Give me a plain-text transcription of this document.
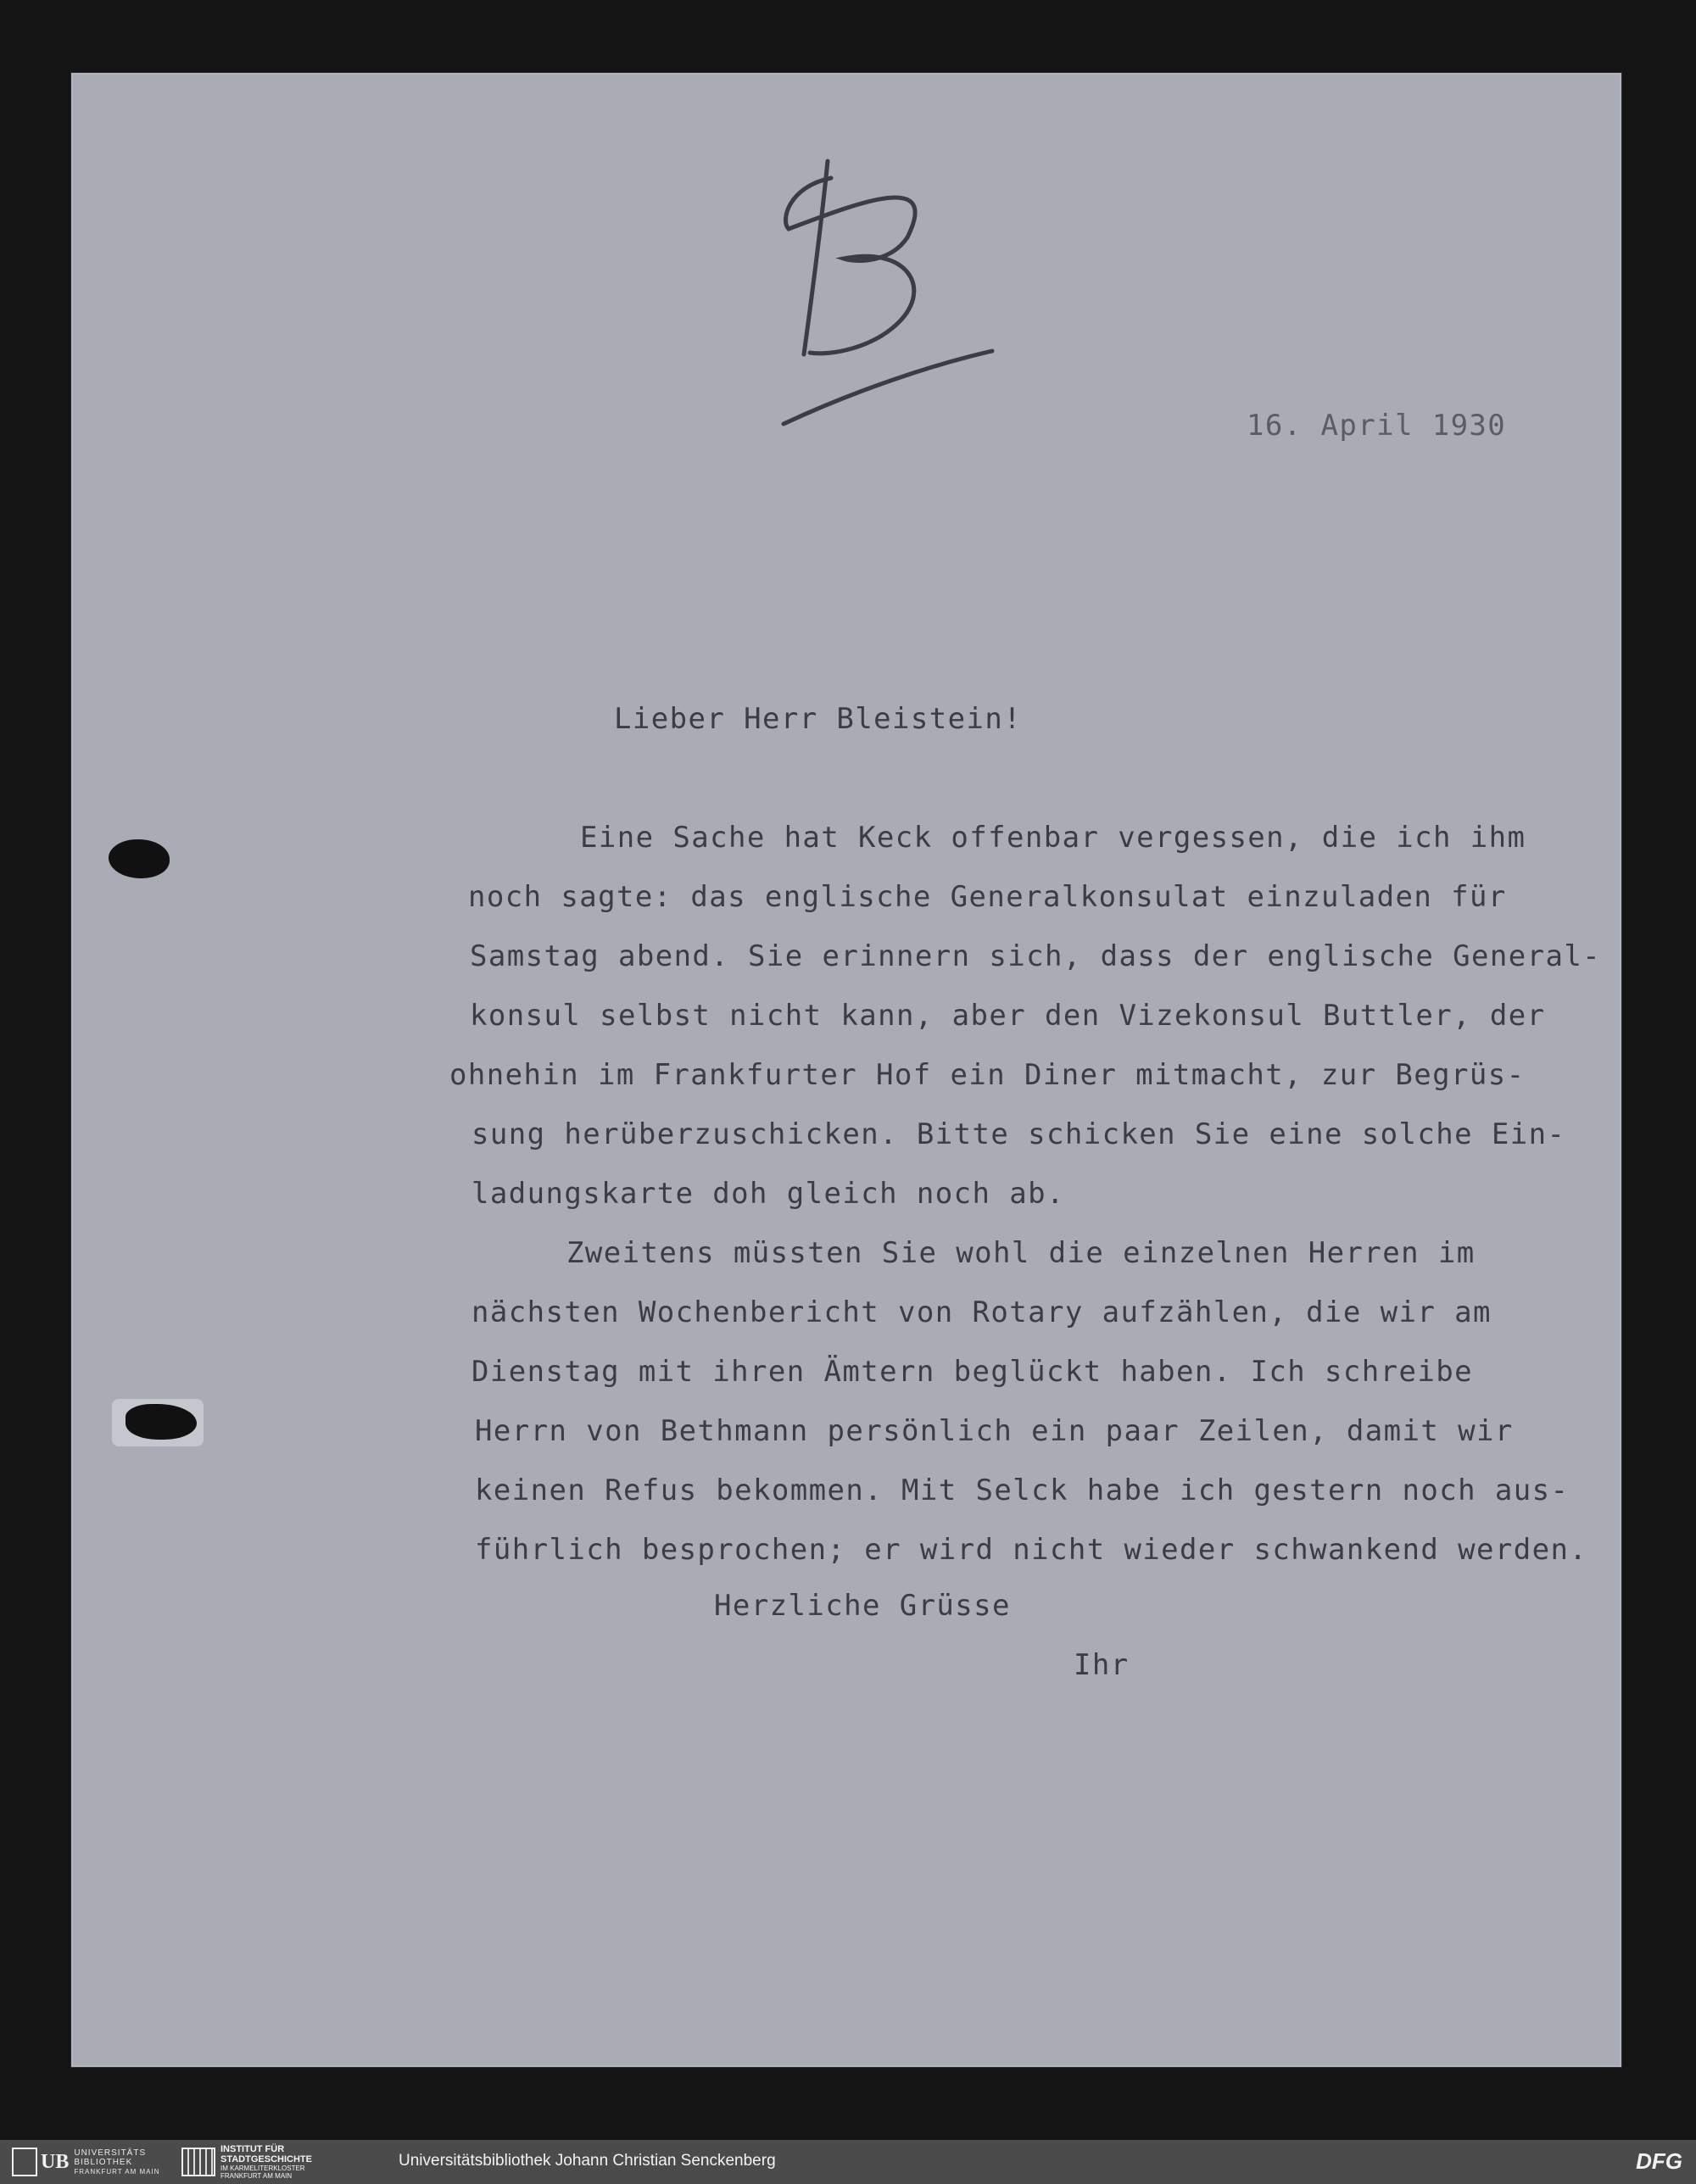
16. April 1930
Lieber Herr Bleistein!
Eine Sache hat Keck offenbar vergessen, die ich ihm
noch sagte: das englische Generalkonsulat einzuladen für
Samstag abend. Sie erinnern sich, dass der englische General-
konsul selbst nicht kann, aber den Vizekonsul Buttler, der
ohnehin im Frankfurter Hof ein Diner mitmacht, zur Begrüs-
sung herüberzuschicken. Bitte schicken Sie eine solche Ein-
ladungskarte doh gleich noch ab.
Zweitens müssten Sie wohl die einzelnen Herren im
nächsten Wochenbericht von Rotary aufzählen, die wir am
Dienstag mit ihren Ämtern beglückt haben. Ich schreibe
Herrn von Bethmann persönlich ein paar Zeilen, damit wir
keinen Refus bekommen. Mit Selck habe ich gestern noch aus-
führlich besprochen; er wird nicht wieder schwankend werden.
Herzliche Grüsse
Ihr
UB UNIVERSITÄTS
BIBLIOTHEK
FRANKFURT AM MAIN
INSTITUT FÜR
STADTGESCHICHTE
IM KARMELITERKLOSTER
FRANKFURT AM MAIN
Universitätsbibliothek Johann Christian Senckenberg	DFG
